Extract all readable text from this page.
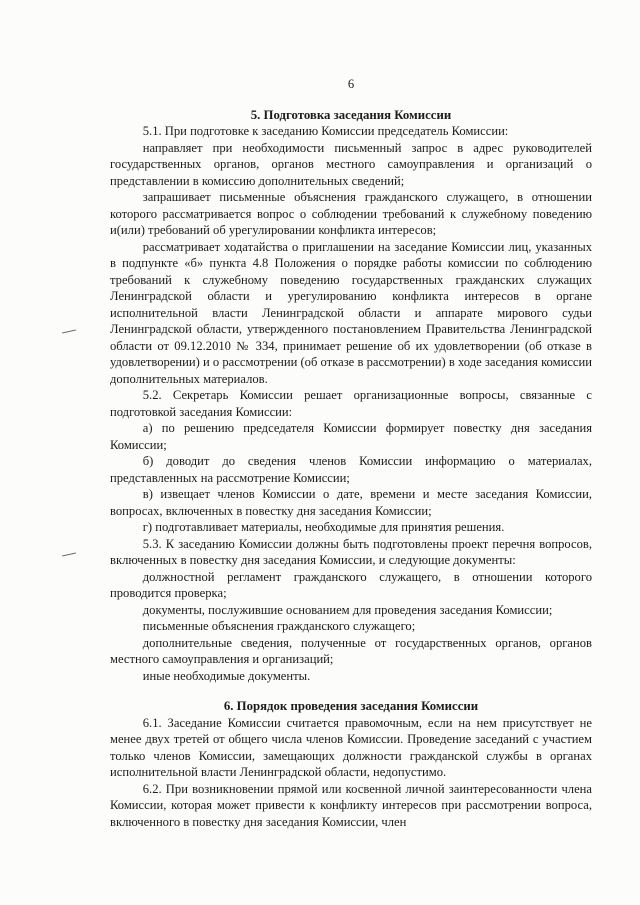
6
5. Подготовка заседания Комиссии

5.1. При подготовке к заседанию Комиссии председатель Комиссии:

направляет при необходимости письменный запрос в адрес руководителей государственных органов, органов местного самоуправления и организаций о представлении в комиссию дополнительных сведений;

запрашивает письменные объяснения гражданского служащего, в отношении которого рассматривается вопрос о соблюдении требований к служебному поведению и(или) требований об урегулировании конфликта интересов;

рассматривает ходатайства о приглашении на заседание Комиссии лиц, указанных в подпункте «б» пункта 4.8 Положения о порядке работы комиссии по соблюдению требований к служебному поведению государственных гражданских служащих Ленинградской области и урегулированию конфликта интересов в органе исполнительной власти Ленинградской области и аппарате мирового судьи Ленинградской области, утвержденного постановлением Правительства Ленинградской области от 09.12.2010 № 334, принимает решение об их удовлетворении (об отказе в удовлетворении) и о рассмотрении (об отказе в рассмотрении) в ходе заседания комиссии дополнительных материалов.

5.2. Секретарь Комиссии решает организационные вопросы, связанные с подготовкой заседания Комиссии:

а) по решению председателя Комиссии формирует повестку дня заседания Комиссии;

б) доводит до сведения членов Комиссии информацию о материалах, представленных на рассмотрение Комиссии;

в) извещает членов Комиссии о дате, времени и месте заседания Комиссии, вопросах, включенных в повестку дня заседания Комиссии;

г) подготавливает материалы, необходимые для принятия решения.

5.3. К заседанию Комиссии должны быть подготовлены проект перечня вопросов, включенных в повестку дня заседания Комиссии, и следующие документы:

должностной регламент гражданского служащего, в отношении которого проводится проверка;

документы, послужившие основанием для проведения заседания Комиссии;

письменные объяснения гражданского служащего;

дополнительные сведения, полученные от государственных органов, органов местного самоуправления и организаций;

иные необходимые документы.

6. Порядок проведения заседания Комиссии

6.1. Заседание Комиссии считается правомочным, если на нем присутствует не менее двух третей от общего числа членов Комиссии. Проведение заседаний с участием только членов Комиссии, замещающих должности гражданской службы в органах исполнительной власти Ленинградской области, недопустимо.

6.2. При возникновении прямой или косвенной личной заинтересованности члена Комиссии, которая может привести к конфликту интересов при рассмотрении вопроса, включенного в повестку дня заседания Комиссии, член
